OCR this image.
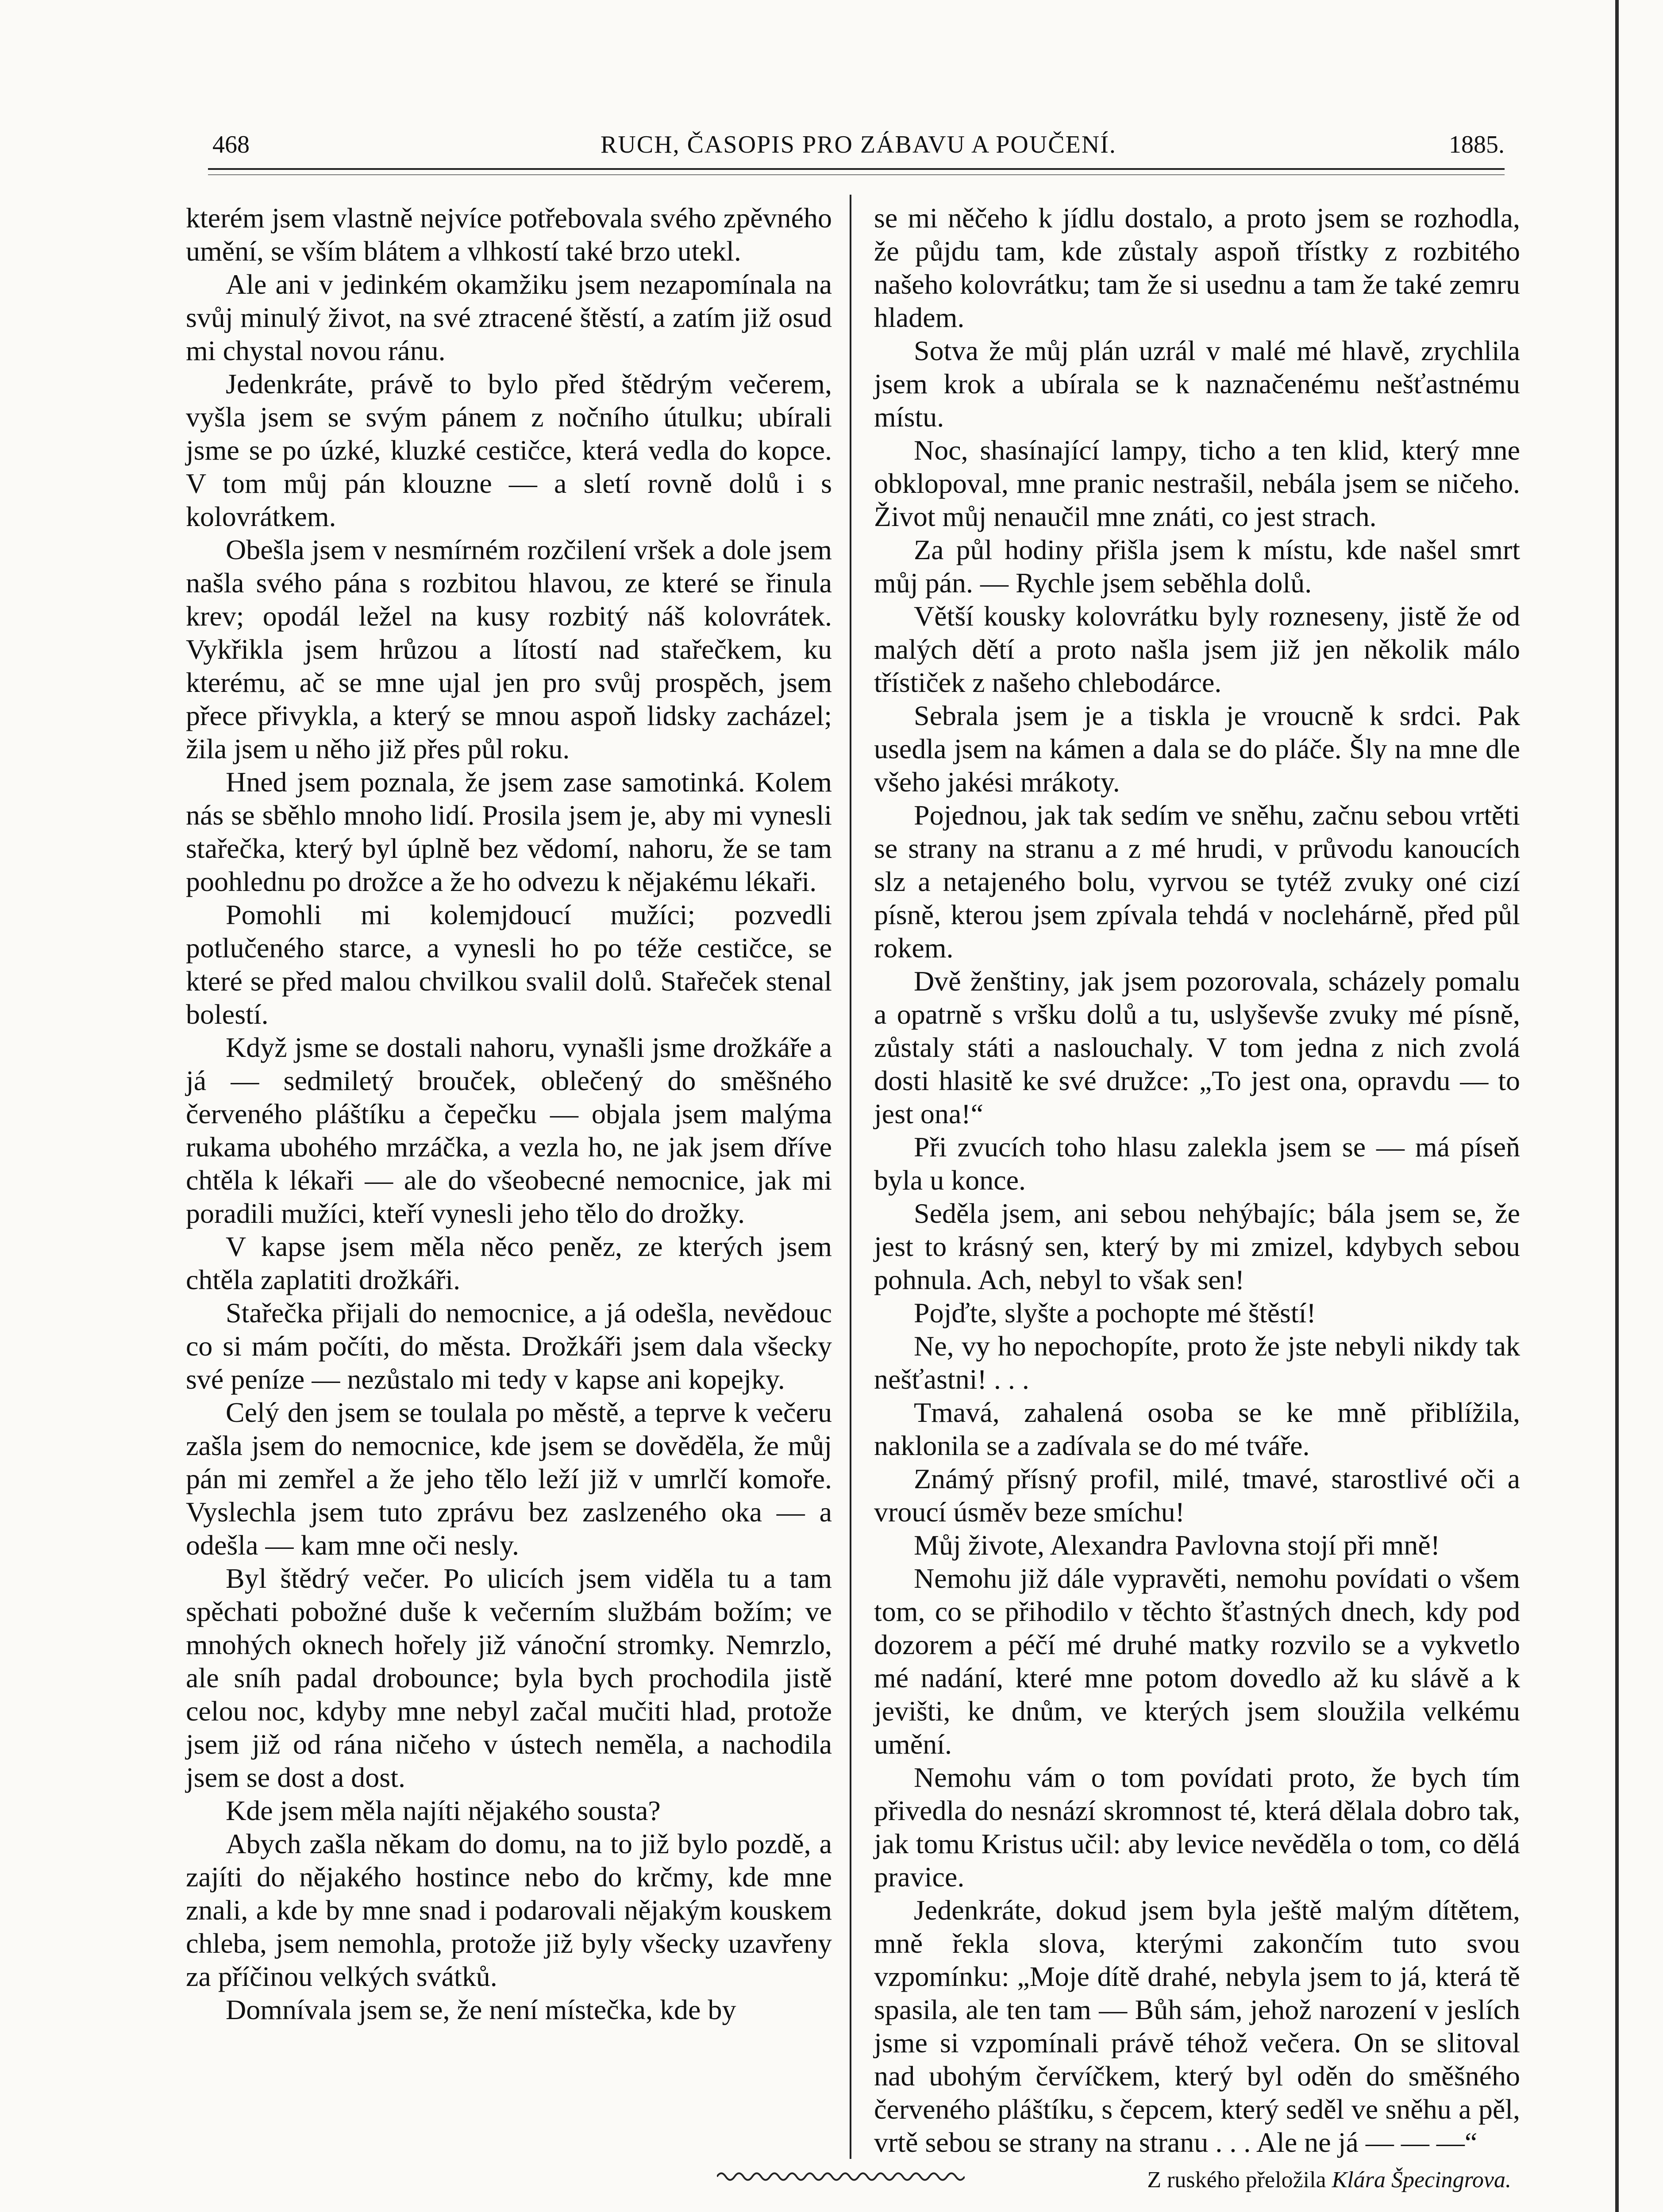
RUCH, ČASOPIS PRO ZÁBAVU A POUČENÍ.
468	1885.

kterém jsem vlastně nejvíce potřebovala svého zpěvného umění, se vším blátem a vlhkostí také brzo utekl.

Ale ani v jedinkém okamžiku jsem nezapomínala na svůj minulý život, na své ztracené štěstí, a zatím již osud mi chystal novou ránu.

Jedenkráte, právě to bylo před štědrým večerem, vyšla jsem se svým pánem z nočního útulku; ubírali jsme se po úzké, kluzké cestičce, která vedla do kopce. V tom můj pán klouzne — a sletí rovně dolů i s kolovrátkem.

Obešla jsem v nesmírném rozčilení vršek a dole jsem našla svého pána s rozbitou hlavou, ze které se řinula krev; opodál ležel na kusy rozbitý náš kolovrátek. Vykřikla jsem hrůzou a lítostí nad stařečkem, ku kterému, ač se mne ujal jen pro svůj prospěch, jsem přece přivykla, a který se mnou aspoň lidsky zacházel; žila jsem u něho již přes půl roku.

Hned jsem poznala, že jsem zase samotinká. Kolem nás se sběhlo mnoho lidí. Prosila jsem je, aby mi vynesli stařečka, který byl úplně bez vědomí, nahoru, že se tam poohlednu po drožce a že ho odvezu k nějakému lékaři.

Pomohli mi kolemjdoucí mužíci; pozvedli potlučeného starce, a vynesli ho po téže cestičce, se které se před malou chvilkou svalil dolů. Stařeček stenal bolestí.

Když jsme se dostali nahoru, vynašli jsme drožkáře a já — sedmiletý brouček, oblečený do směšného červeného pláštíku a čepečku — objala jsem malýma rukama ubohého mrzáčka, a vezla ho, ne jak jsem dříve chtěla k lékaři — ale do všeobecné nemocnice, jak mi poradili mužíci, kteří vynesli jeho tělo do drožky.

V kapse jsem měla něco peněz, ze kterých jsem chtěla zaplatiti drožkáři.

Stařečka přijali do nemocnice, a já odešla, nevědouc co si mám počíti, do města. Drožkáři jsem dala všecky své peníze — nezůstalo mi tedy v kapse ani kopejky.

Celý den jsem se toulala po městě, a teprve k večeru zašla jsem do nemocnice, kde jsem se dověděla, že můj pán mi zemřel a že jeho tělo leží již v umrlčí komoře. Vyslechla jsem tuto zprávu bez zaslzeného oka — a odešla — kam mne oči nesly.

Byl štědrý večer. Po ulicích jsem viděla tu a tam spěchati pobožné duše k večerním službám božím; ve mnohých oknech hořely již vánoční stromky. Nemrzlo, ale sníh padal drobounce; byla bych prochodila jistě celou noc, kdyby mne nebyl začal mučiti hlad, protože jsem již od rána ničeho v ústech neměla, a nachodila jsem se dost a dost.

Kde jsem měla najíti nějakého sousta?

Abych zašla někam do domu, na to již bylo pozdě, a zajíti do nějakého hostince nebo do krčmy, kde mne znali, a kde by mne snad i podarovali nějakým kouskem chleba, jsem nemohla, protože již byly všecky uzavřeny za příčinou velkých svátků.

Domnívala jsem se, že není místečka, kde by

se mi něčeho k jídlu dostalo, a proto jsem se rozhodla, že půjdu tam, kde zůstaly aspoň třístky z rozbitého našeho kolovrátku; tam že si usednu a tam že také zemru hladem.

Sotva že můj plán uzrál v malé mé hlavě, zrychlila jsem krok a ubírala se k naznačenému nešťastnému místu.

Noc, shasínající lampy, ticho a ten klid, který mne obklopoval, mne pranic nestrašil, nebála jsem se ničeho. Život můj nenaučil mne znáti, co jest strach.

Za půl hodiny přišla jsem k místu, kde našel smrt můj pán. — Rychle jsem seběhla dolů.

Větší kousky kolovrátku byly rozneseny, jistě že od malých dětí a proto našla jsem již jen několik málo třístiček z našeho chlebodárce.

Sebrala jsem je a tiskla je vroucně k srdci. Pak usedla jsem na kámen a dala se do pláče. Šly na mne dle všeho jakési mrákoty.

Pojednou, jak tak sedím ve sněhu, začnu sebou vrtěti se strany na stranu a z mé hrudi, v průvodu kanoucích slz a netajeného bolu, vyrvou se tytéž zvuky oné cizí písně, kterou jsem zpívala tehdá v noclehárně, před půl rokem.

Dvě ženštiny, jak jsem pozorovala, scházely pomalu a opatrně s vršku dolů a tu, uslyševše zvuky mé písně, zůstaly státi a naslouchaly. V tom jedna z nich zvolá dosti hlasitě ke své družce: „To jest ona, opravdu — to jest ona!“

Při zvucích toho hlasu zalekla jsem se — má píseň byla u konce.

Seděla jsem, ani sebou nehýbajíc; bála jsem se, že jest to krásný sen, který by mi zmizel, kdybych sebou pohnula. Ach, nebyl to však sen!

Pojďte, slyšte a pochopte mé štěstí!

Ne, vy ho nepochopíte, proto že jste nebyli nikdy tak nešťastni! . . .

Tmavá, zahalená osoba se ke mně přiblížila, naklonila se a zadívala se do mé tváře.

Známý přísný profil, milé, tmavé, starostlivé oči a vroucí úsměv beze smíchu!

Můj živote, Alexandra Pavlovna stojí při mně!

Nemohu již dále vypravěti, nemohu povídati o všem tom, co se přihodilo v těchto šťastných dnech, kdy pod dozorem a péčí mé druhé matky rozvilo se a vykvetlo mé nadání, které mne potom dovedlo až ku slávě a k jevišti, ke dnům, ve kterých jsem sloužila velkému umění.

Nemohu vám o tom povídati proto, že bych tím přivedla do nesnází skromnost té, která dělala dobro tak, jak tomu Kristus učil: aby levice nevěděla o tom, co dělá pravice.

Jedenkráte, dokud jsem byla ještě malým dítětem, mně řekla slova, kterými zakončím tuto svou vzpomínku: „Moje dítě drahé, nebyla jsem to já, která tě spasila, ale ten tam — Bůh sám, jehož narození v jeslích jsme si vzpomínali právě téhož večera. On se slitoval nad ubohým červíčkem, který byl oděn do směšného červeného pláštíku, s čepcem, který seděl ve sněhu a pěl, vrtě sebou se strany na stranu . . . Ale ne já — — —“

Z ruského přeložila Klára Špecingrova.
